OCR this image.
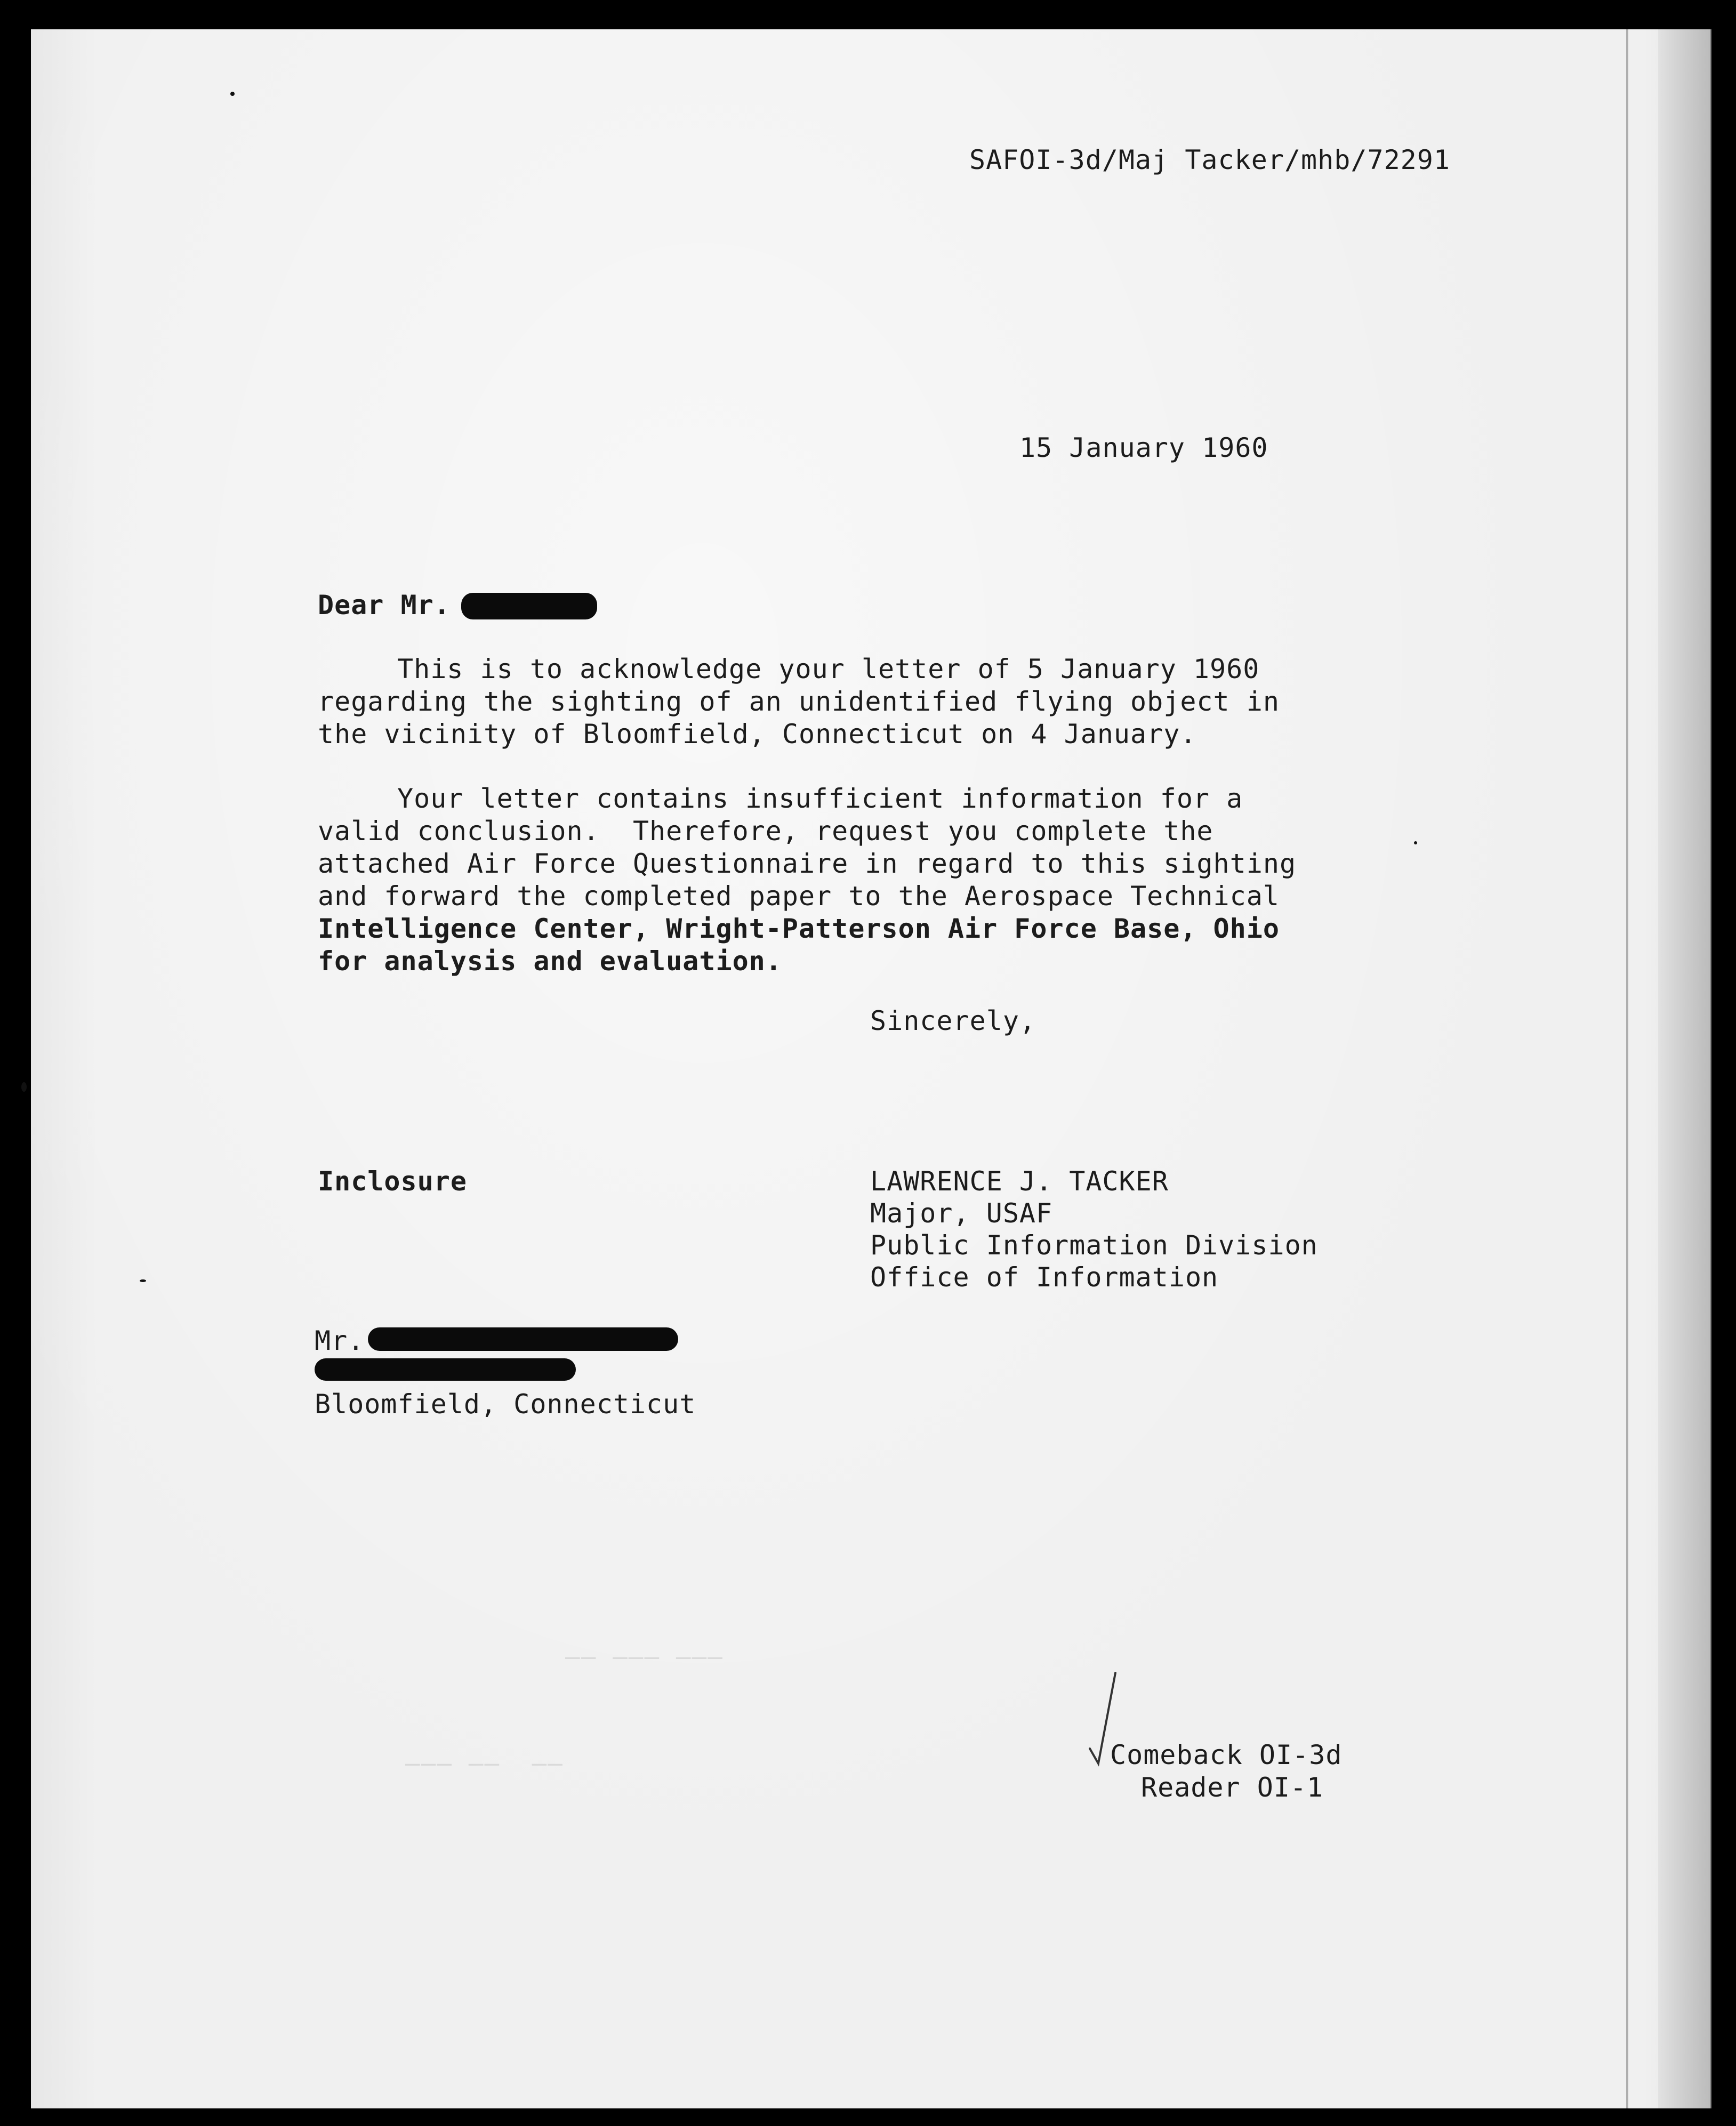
SAFOI-3d/Maj Tacker/mhb/72291
15 January 1960
Dear Mr.
This is to acknowledge your letter of 5 January 1960
regarding the sighting of an unidentified flying object in
the vicinity of Bloomfield, Connecticut on 4 January.
Your letter contains insufficient information for a
valid conclusion.  Therefore, request you complete the
attached Air Force Questionnaire in regard to this sighting
and forward the completed paper to the Aerospace Technical
Intelligence Center, Wright-Patterson Air Force Base, Ohio
for analysis and evaluation.
Sincerely,
Inclosure	LAWRENCE J. TACKER
Major, USAF
Public Information Division
Office of Information
Mr.
Bloomfield, Connecticut
—— ——— ———
——— ——  ——	Comeback OI-3d
Reader OI-1
